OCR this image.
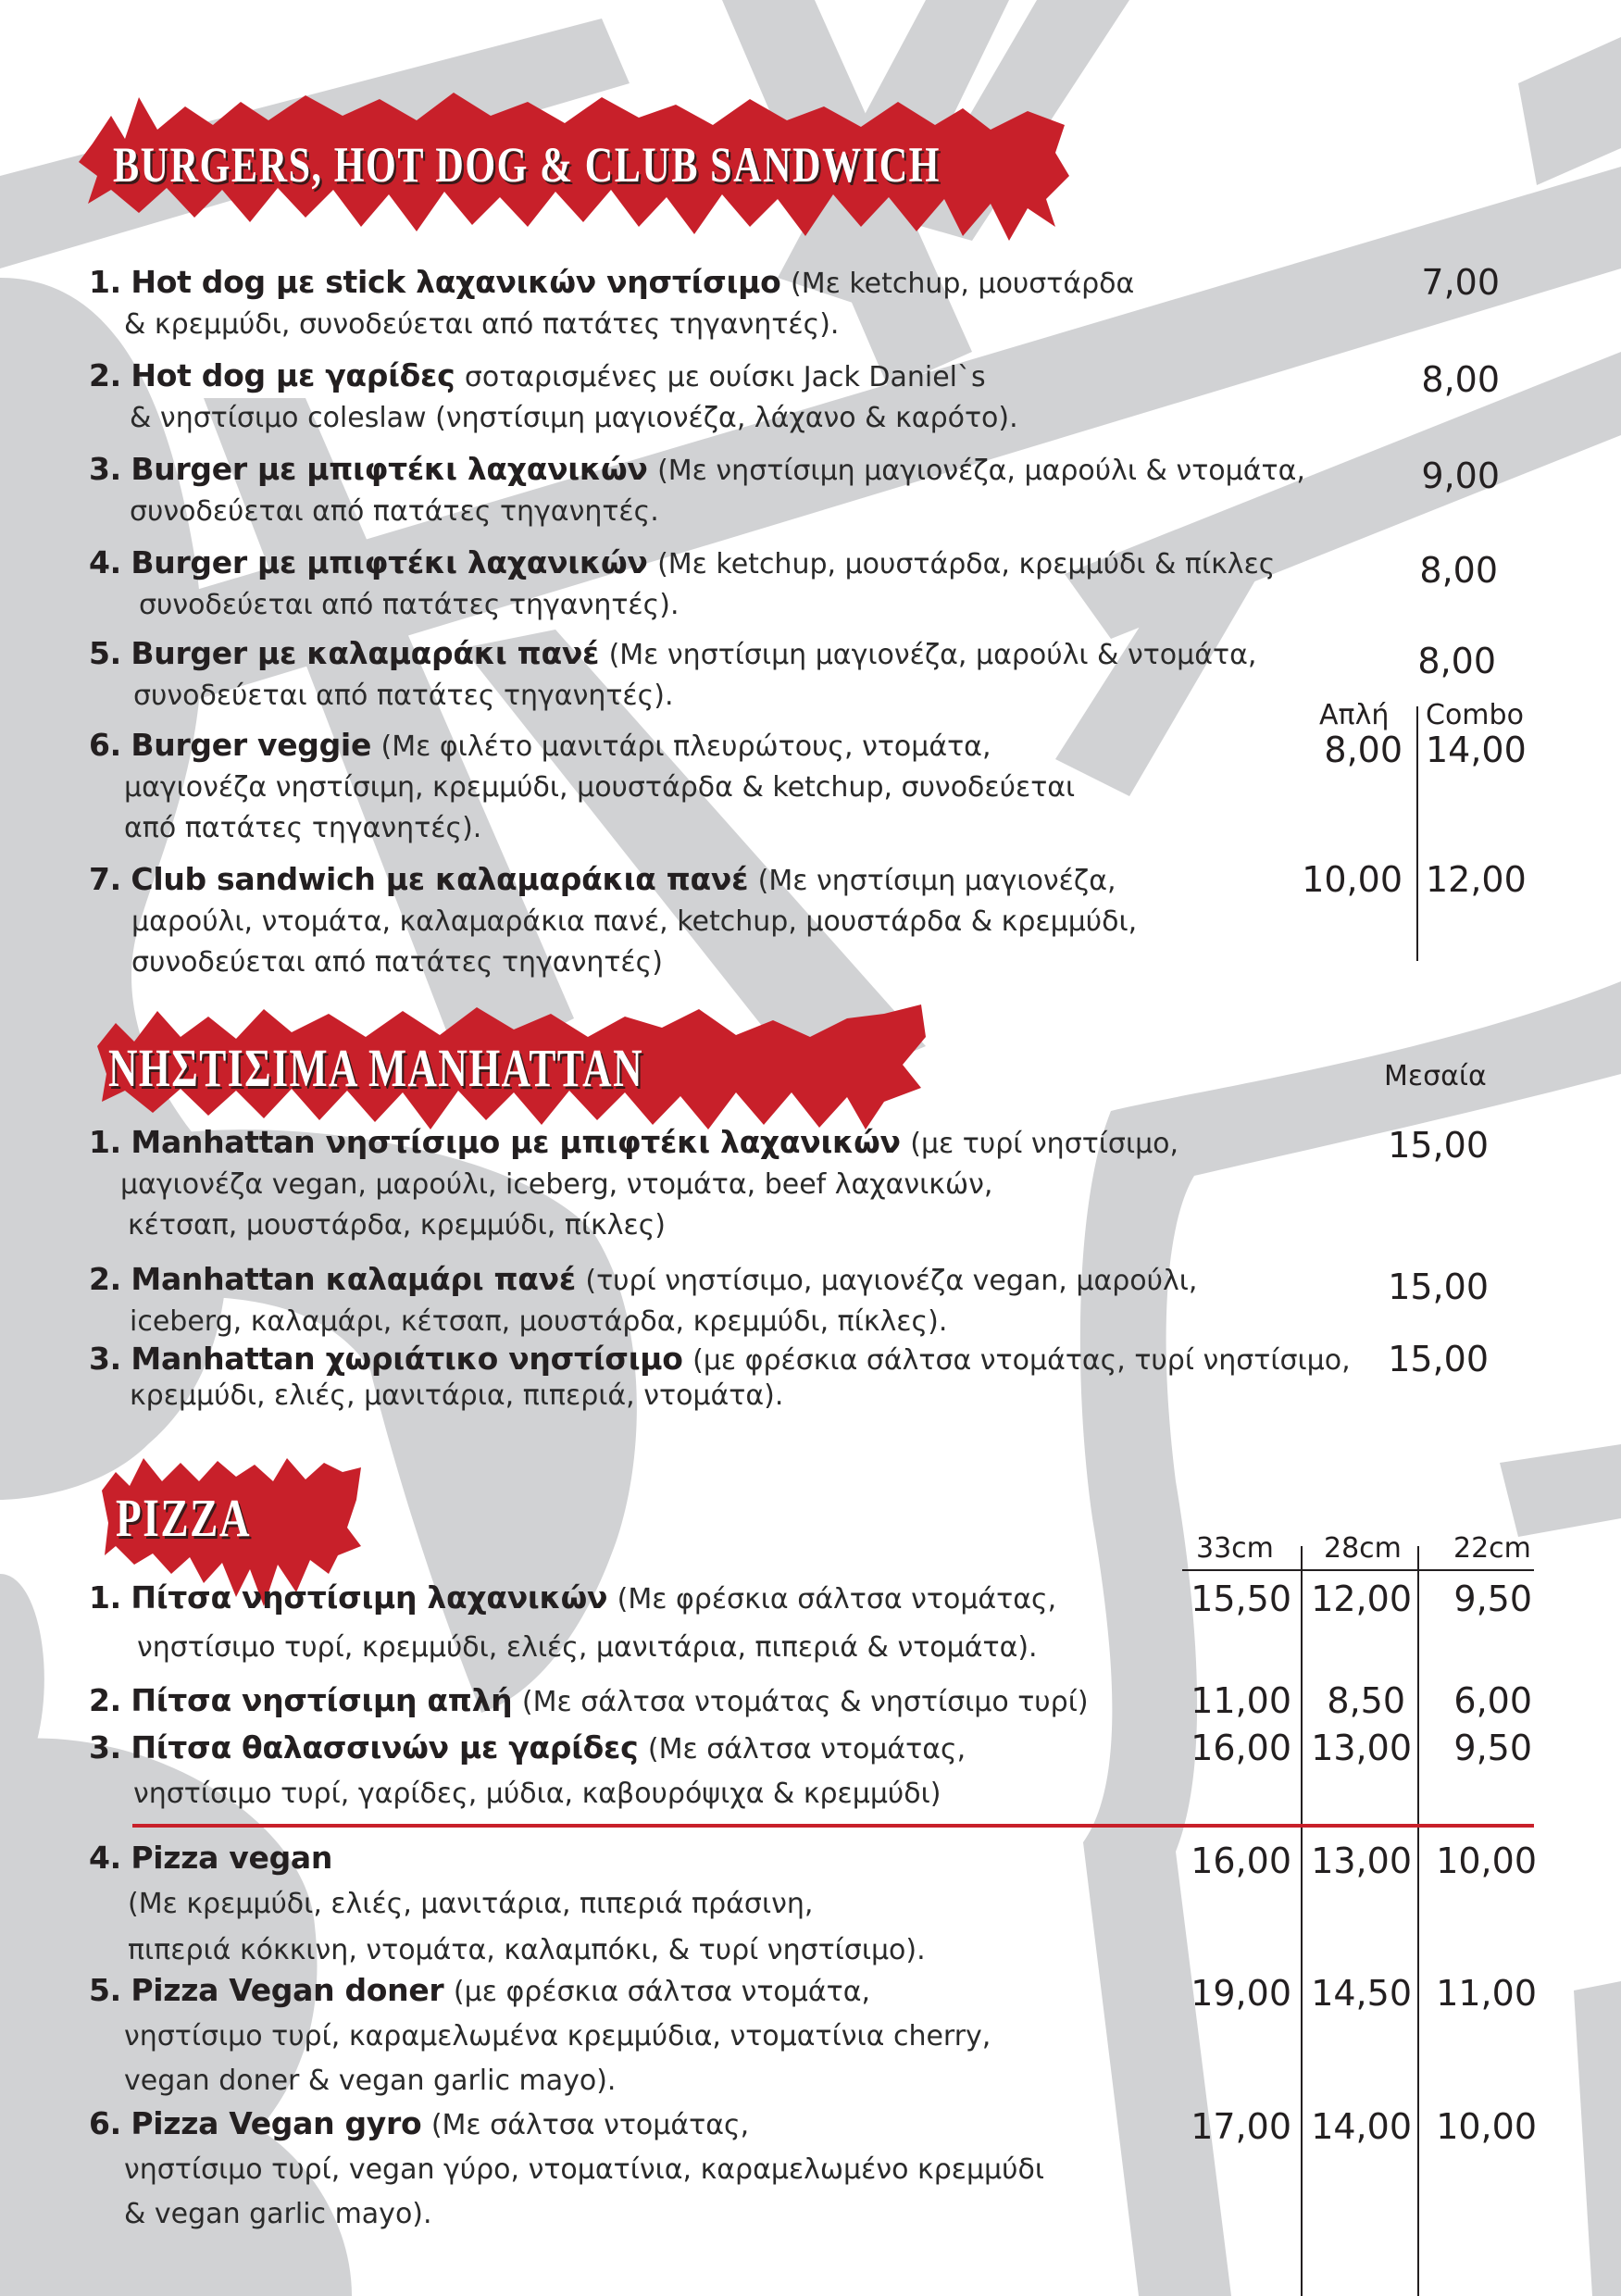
BURGERS, HOT DOG & CLUB SANDWICH
1. Hot dog με stick λαχανικών νηστίσιμο (Με ketchup, μουστάρδα
& κρεμμύδι, συνοδεύεται από πατάτες τηγανητές).
7,00
2. Hot dog με γαρίδες σοταρισμένες με ουίσκι Jack Daniel`s
& νηστίσιμο coleslaw (νηστίσιμη μαγιονέζα, λάχανο & καρότο).
8,00
3. Burger με μπιφτέκι λαχανικών (Με νηστίσιμη μαγιονέζα, μαρούλι & ντομάτα,
συνοδεύεται από πατάτες τηγανητές.
9,00
4. Burger με μπιφτέκι λαχανικών (Με ketchup, μουστάρδα, κρεμμύδι & πίκλες
συνοδεύεται από πατάτες τηγανητές).
8,00
5. Burger με καλαμαράκι πανέ (Με νηστίσιμη μαγιονέζα, μαρούλι & ντομάτα,
συνοδεύεται από πατάτες τηγανητές).
8,00
Απλή Combo
6. Burger veggie (Με φιλέτο μανιτάρι πλευρώτους, ντομάτα,
μαγιονέζα νηστίσιμη, κρεμμύδι, μουστάρδα & ketchup, συνοδεύεται
από πατάτες τηγανητές).
8,00 14,00
7. Club sandwich με καλαμαράκια πανέ (Με νηστίσιμη μαγιονέζα,
μαρούλι, ντομάτα, καλαμαράκια πανέ, ketchup, μουστάρδα & κρεμμύδι,
συνοδεύεται από πατάτες τηγανητές)
10,00 12,00
ΝΗΣΤΙΣΙΜΑ MANHATTAN	Μεσαία
1. Manhattan νηστίσιμο με μπιφτέκι λαχανικών (με τυρί νηστίσιμο,
μαγιονέζα vegan, μαρούλι, iceberg, ντομάτα, beef λαχανικών,
κέτσαπ, μουστάρδα, κρεμμύδι, πίκλες)
15,00
2. Manhattan καλαμάρι πανέ (τυρί νηστίσιμο, μαγιονέζα vegan, μαρούλι,
iceberg, καλαμάρι, κέτσαπ, μουστάρδα, κρεμμύδι, πίκλες).
15,00
3. Manhattan χωριάτικο νηστίσιμο (με φρέσκια σάλτσα ντομάτας, τυρί νηστίσιμο,
κρεμμύδι, ελιές, μανιτάρια, πιπεριά, ντομάτα).
15,00
PIZZA
33cm 28cm 22cm
1. Πίτσα νηστίσιμη λαχανικών (Με φρέσκια σάλτσα ντομάτας,
νηστίσιμο τυρί, κρεμμύδι, ελιές, μανιτάρια, πιπεριά & ντομάτα).
15,50 12,00	9,50
2. Πίτσα νηστίσιμη απλή (Με σάλτσα ντομάτας & νηστίσιμο τυρί)	11,00	8,50	6,00
3. Πίτσα θαλασσινών με γαρίδες (Με σάλτσα ντομάτας,
νηστίσιμο τυρί, γαρίδες, μύδια, καβουρόψιχα & κρεμμύδι)
16,00 13,00	9,50
4. Pizza vegan
(Με κρεμμύδι, ελιές, μανιτάρια, πιπεριά πράσινη,
πιπεριά κόκκινη, ντομάτα, καλαμπόκι, & τυρί νηστίσιμο).
16,00 13,00 10,00
5. Pizza Vegan doner (με φρέσκια σάλτσα ντομάτα,
νηστίσιμο τυρί, καραμελωμένα κρεμμύδια, ντοματίνια cherry,
vegan doner & vegan garlic mayo).
19,00 14,50 11,00
6. Pizza Vegan gyro (Με σάλτσα ντομάτας,
νηστίσιμο τυρί, vegan γύρο, ντοματίνια, καραμελωμένο κρεμμύδι
& vegan garlic mayo).
17,00 14,00 10,00
